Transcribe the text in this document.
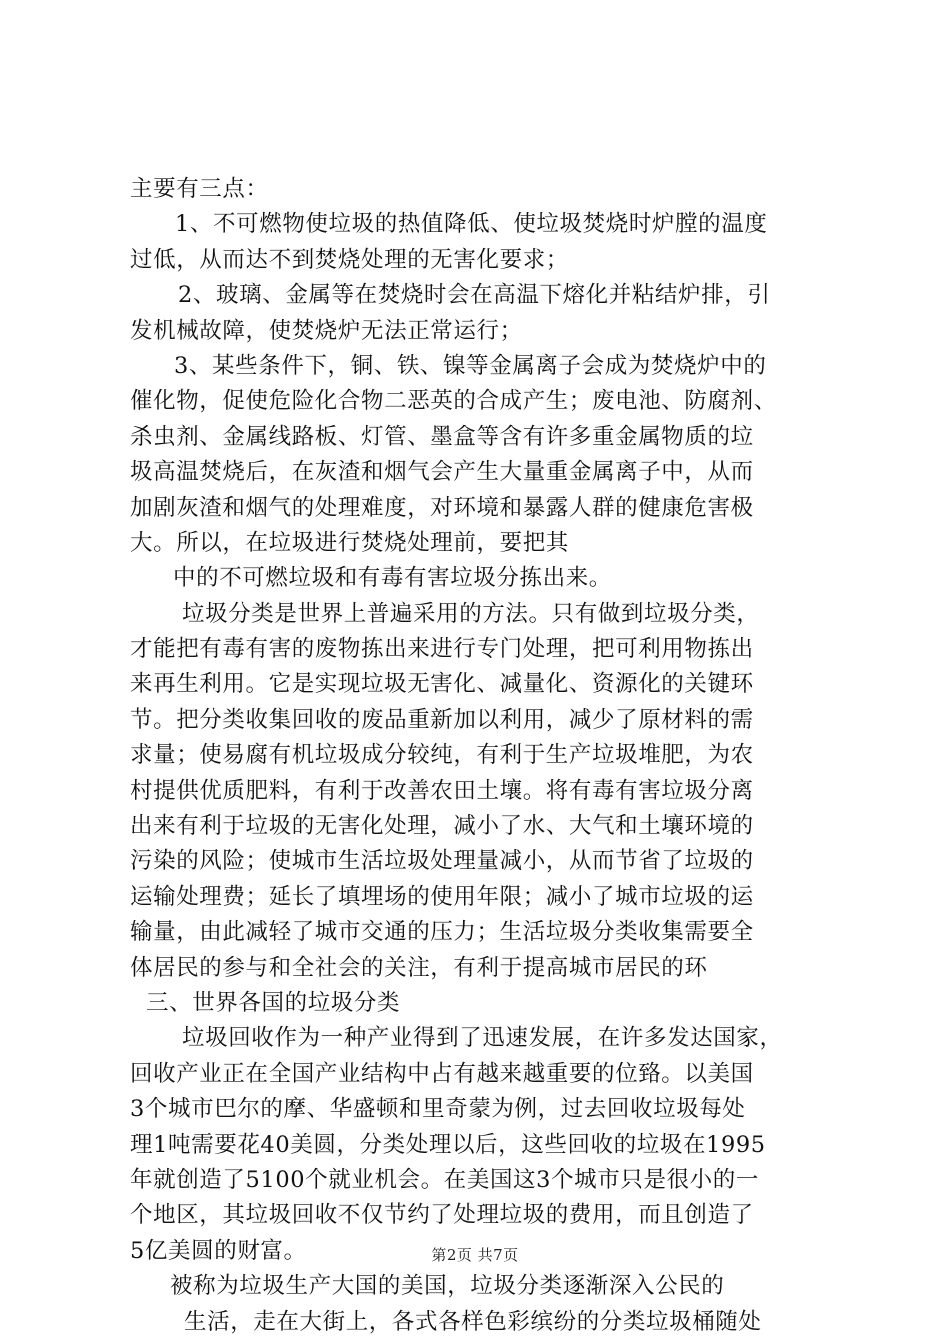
主要有三点：
1、不可燃物使垃圾的热值降低、使垃圾焚烧时炉膛的温度
过低，从而达不到焚烧处理的无害化要求；
2、玻璃、金属等在焚烧时会在高温下熔化并粘结炉排，引
发机械故障，使焚烧炉无法正常运行；
3、某些条件下，铜、铁、镍等金属离子会成为焚烧炉中的
催化物，促使危险化合物二恶英的合成产生；废电池、防腐剂、
杀虫剂、金属线路板、灯管、墨盒等含有许多重金属物质的垃
圾高温焚烧后，在灰渣和烟气会产生大量重金属离子中，从而
加剧灰渣和烟气的处理难度，对环境和暴露人群的健康危害极
大。所以，在垃圾进行焚烧处理前，要把其
中的不可燃垃圾和有毒有害垃圾分拣出来。
垃圾分类是世界上普遍采用的方法。只有做到垃圾分类，
才能把有毒有害的废物拣出来进行专门处理，把可利用物拣出
来再生利用。它是实现垃圾无害化、减量化、资源化的关键环
节。把分类收集回收的废品重新加以利用，减少了原材料的需
求量；使易腐有机垃圾成分较纯，有利于生产垃圾堆肥，为农
村提供优质肥料，有利于改善农田土壤。将有毒有害垃圾分离
出来有利于垃圾的无害化处理，减小了水、大气和土壤环境的
污染的风险；使城市生活垃圾处理量减小，从而节省了垃圾的
运输处理费；延长了填埋场的使用年限；减小了城市垃圾的运
输量，由此减轻了城市交通的压力；生活垃圾分类收集需要全
体居民的参与和全社会的关注，有利于提高城市居民的环
三、世界各国的垃圾分类
垃圾回收作为一种产业得到了迅速发展，在许多发达国家，
回收产业正在全国产业结构中占有越来越重要的位臵。以美国
3个城市巴尔的摩、华盛顿和里奇蒙为例，过去回收垃圾每处
理1吨需要花40美圆，分类处理以后，这些回收的垃圾在1995
年就创造了5100个就业机会。在美国这3个城市只是很小的一
个地区，其垃圾回收不仅节约了处理垃圾的费用，而且创造了
5亿美圆的财富。
被称为垃圾生产大国的美国，垃圾分类逐渐深入公民的
生活，走在大街上，各式各样色彩缤纷的分类垃圾桶随处
第2页 共7页
